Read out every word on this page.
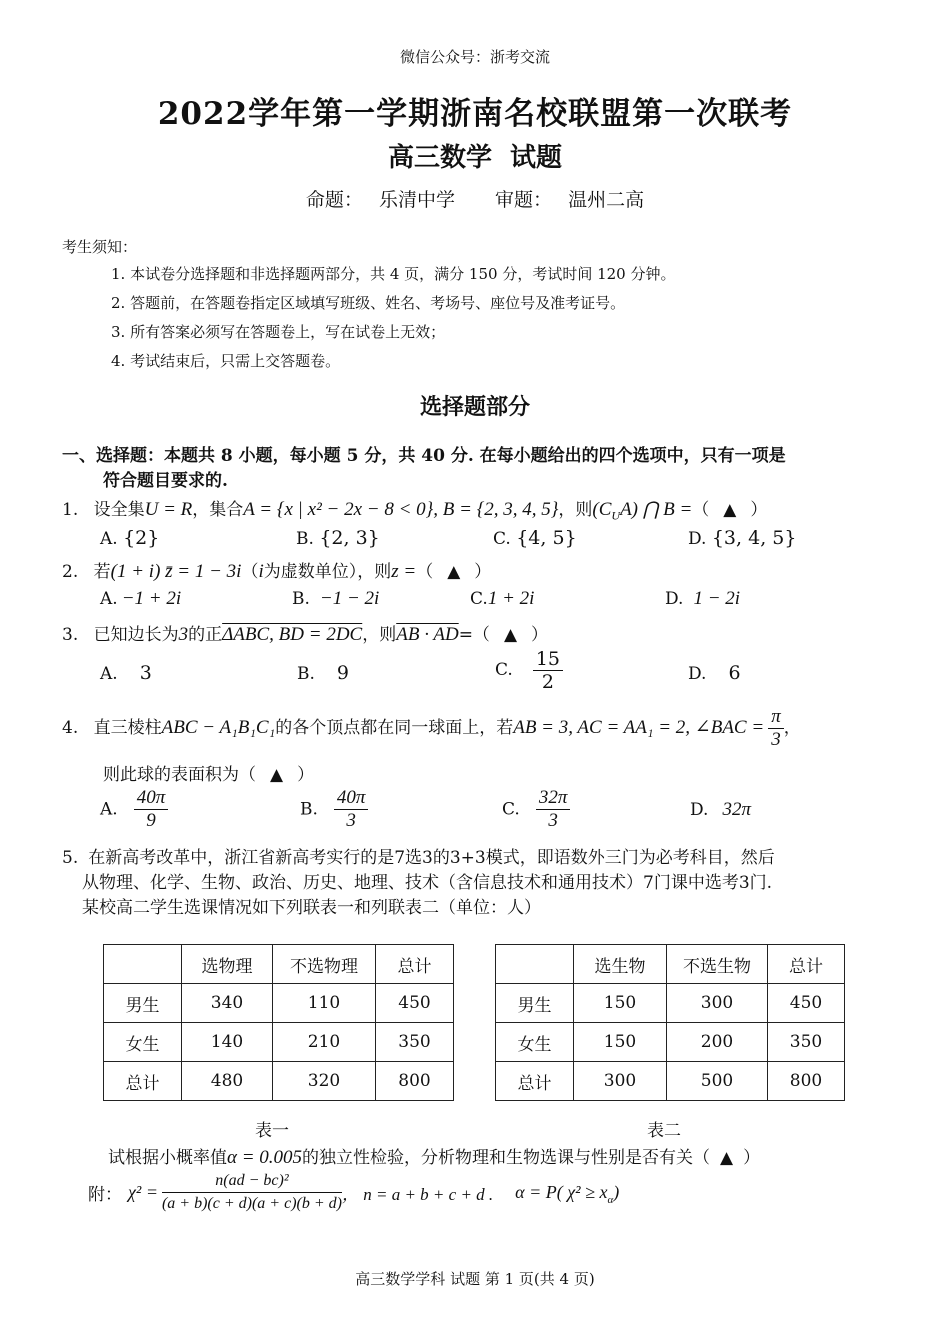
微信公众号：浙考交流
2022学年第一学期浙南名校联盟第一次联考
高三数学  试题
命题： 乐清中学 审题： 温州二高
考生须知：
1. 本试卷分选择题和非选择题两部分，共 4 页，满分 150 分，考试时间 120 分钟。
2. 答题前，在答题卷指定区域填写班级、姓名、考场号、座位号及准考证号。
3. 所有答案必须写在答题卷上，写在试卷上无效；
4. 考试结束后，只需上交答题卷。
选择题部分
一、选择题：本题共 8 小题，每小题 5 分，共 40 分. 在每小题给出的四个选项中，只有一项是
符合题目要求的.
1. 设全集U = R，集合A = {x | x² − 2x − 8 < 0}, B = {2, 3, 4, 5}，则$(C_UA)$ ⋂ B =（ ▲ ）
A. {2}	B. {2, 3}	C. {4, 5}	D. {3, 4, 5}
2. 若(1 + i) z̄ = 1 − 3i（i为虚数单位），则z =（ ▲ ）
A. −1 + 2i	B. −1 − 2i	C.1 + 2i	D. 1 − 2i
3. 已知边长为3的正ΔABC, BD = 2DC，则AB · AD=（ ▲ ）
A. 3	B. 9	C. $\frac{15}{2}$	D. 6
4. 直三棱柱ABC − A₁B₁C₁的各个顶点都在同一球面上，若AB = 3, AC = AA₁ = 2, ∠BAC = $\frac{\pi}{3}$ ，
则此球的表面积为（ ▲ ）
A. $\frac{40\pi}{9}$	B. $\frac{40\pi}{3}$	C. $\frac{32\pi}{3}$	D. 32π
5. 在新高考改革中，浙江省新高考实行的是7选3的3+3模式，即语数外三门为必考科目，然后
从物理、化学、生物、政治、历史、地理、技术（含信息技术和通用技术）7门课中选考3门.
某校高二学生选课情况如下列联表一和列联表二（单位：人）
	选物理	不选物理	总计
男生	340	110	450
女生	140	210	350
总计	480	320	800
表一
	选生物	不选生物	总计
男生	150	300	450
女生	150	200	350
总计	300	500	800
表二
试根据小概率值α = 0.005的独立性检验，分析物理和生物选课与性别是否有关（ ▲ ）
附： $\chi^2 = \frac{\text{n(ad − bc)²}}{(a + b)(c + d)(a + c)(b + d)}$ ， n = a + b + c + d . α = P( $\chi^2 \ge x_\alpha$)
高三数学学科 试题 第 1 页(共 4 页)
